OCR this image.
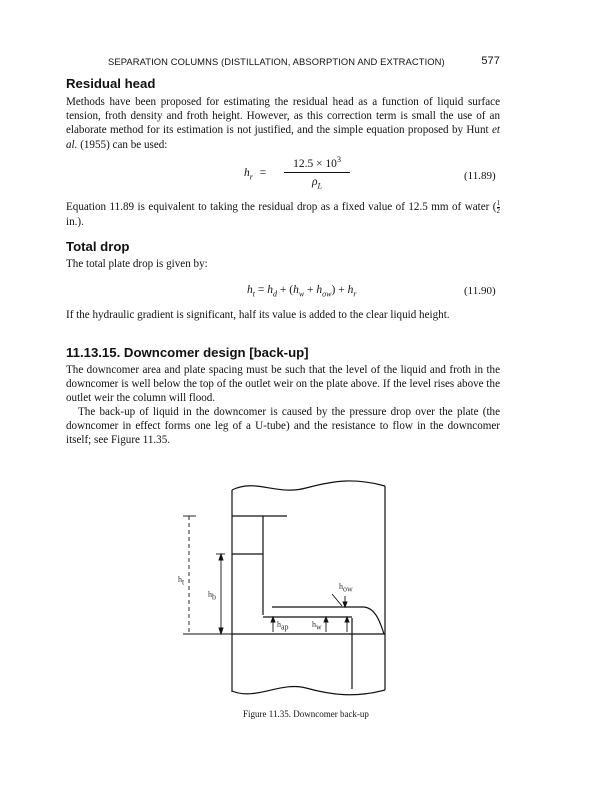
SEPARATION COLUMNS (DISTILLATION, ABSORPTION AND EXTRACTION)	577
Residual head

Methods have been proposed for estimating the residual head as a function of liquid surface tension, froth density and froth height. However, as this correction term is small the use of an elaborate method for its estimation is not justified, and the simple equation proposed by Hunt et al. (1955) can be used:

$h_r$ =
$12.5 \times 10^3$
$\rho_L$
(11.89)

Equation 11.89 is equivalent to taking the residual drop as a fixed value of 12.5 mm of water ( $\frac{1}{2}$
in.).

Total drop

The total plate drop is given by:

$h_t = h_d + (h_w + h_{ow}) + h_r$	(11.90)

If the hydraulic gradient is significant, half its value is added to the clear liquid height.

11.13.15. Downcomer design [back-up]

The downcomer area and plate spacing must be such that the level of the liquid and froth in the downcomer is well below the top of the outlet weir on the plate above. If the level rises above the outlet weir the column will flood.

The back-up of liquid in the downcomer is caused by the pressure drop over the plate (the downcomer in effect forms one leg of a U-tube) and the resistance to flow in the downcomer itself; see Figure 11.35.

$h_{ow}$
$h_{ap}$	$h_w$
$h_b$
$h_t$
Figure 11.35. Downcomer back-up
